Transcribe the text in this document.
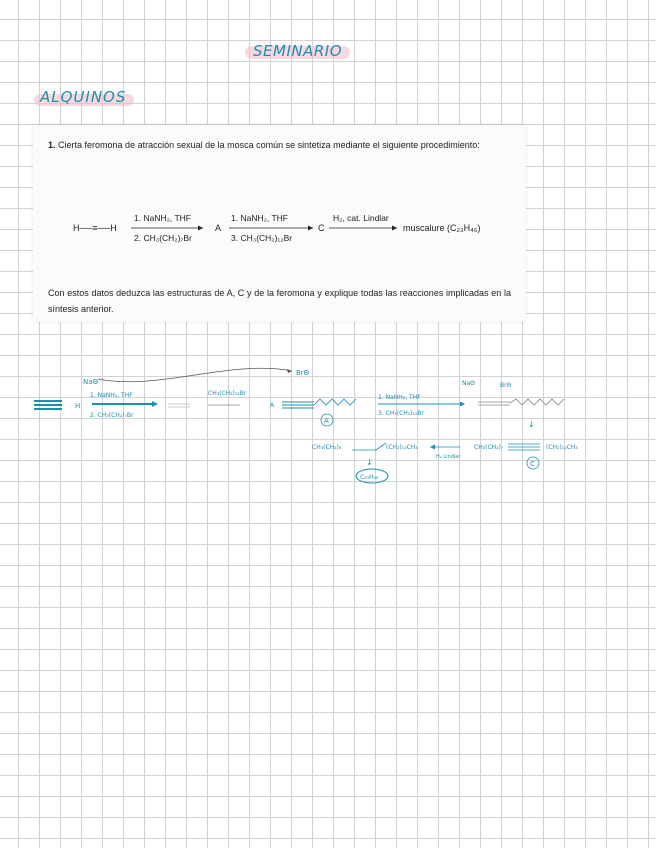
SEMINARIO
ALQUINOS
1. Cierta feromona de atracción sexual de la mosca común se sintetiza mediante el siguiente procedimiento:
H──≡──H
1. NaNH₂, THF
2. CH₃(CH₂)₇Br
A
1. NaNH₂, THF
3. CH₃(CH₂)₁₂Br
C
H₂, cat. Lindlar
muscalure (C₂₃H₄₆)
Con estos datos deduzca las estructuras de A, C y de la feromona y explique todas las reacciones implicadas en la síntesis anterior.
NaΘ
BrΘ
H
1. NaNH₂, THF
2. CH₃(CH₂)₇Br
CH₃(CH₂)₁₂Br
A
A
1. NaNH₂, THF
3. CH₃(CH₂)₁₂Br
NaΘ	BrΘ
↓
CH₃(CH₂)₈	(CH₂)₁₂CH₃
H₂ Lindlar
CH₃(CH₂)₇	(CH₂)₁₂CH₃
C
↓
C₂₃H₄₆
